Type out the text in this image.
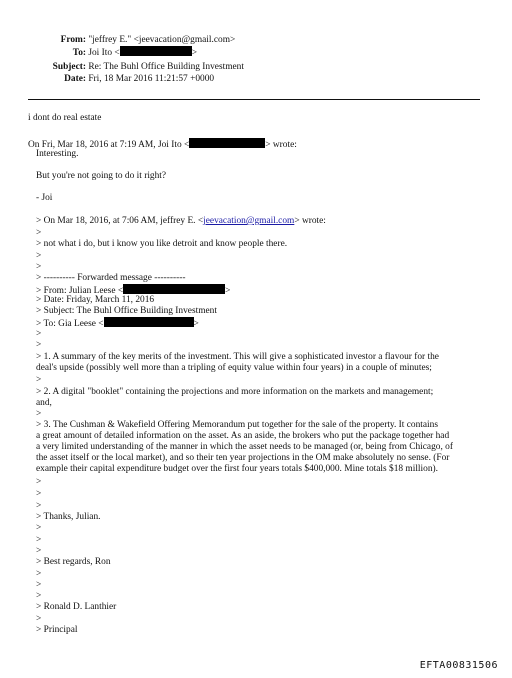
From: "jeffrey E." <jeevacation@gmail.com>
To: Joi Ito <	>
Subject: Re: The Buhl Office Building Investment
Date: Fri, 18 Mar 2016 11:21:57 +0000
i dont do real estate
On Fri, Mar 18, 2016 at 7:19 AM, Joi Ito <	> wrote:
Interesting.
But you're not going to do it right?
- Joi
> On Mar 18, 2016, at 7:06 AM, jeffrey E. <jeevacation@gmail.com> wrote:
>
> not what i do, but i know you like detroit and know people there.
>
>
> ---------- Forwarded message ----------
> From: Julian Leese <	>
> Date: Friday, March 11, 2016
> Subject: The Buhl Office Building Investment
> To: Gia Leese <	>
>
>
> 1. A summary of the key merits of the investment. This will give a sophisticated investor a flavour for the
deal's upside (possibly well more than a tripling of equity value within four years) in a couple of minutes;
>
> 2. A digital "booklet" containing the projections and more information on the markets and management;
and,
>
> 3. The Cushman & Wakefield Offering Memorandum put together for the sale of the property. It contains
a great amount of detailed information on the asset. As an aside, the brokers who put the package together had
a very limited understanding of the manner in which the asset needs to be managed (or, being from Chicago, of
the asset itself or the local market), and so their ten year projections in the OM make absolutely no sense. (For
example their capital expenditure budget over the first four years totals $400,000. Mine totals $18 million).
>
>
>
> Thanks, Julian.
>
>
>
> Best regards, Ron
>
>
>
> Ronald D. Lanthier
>
> Principal
EFTA00831506
